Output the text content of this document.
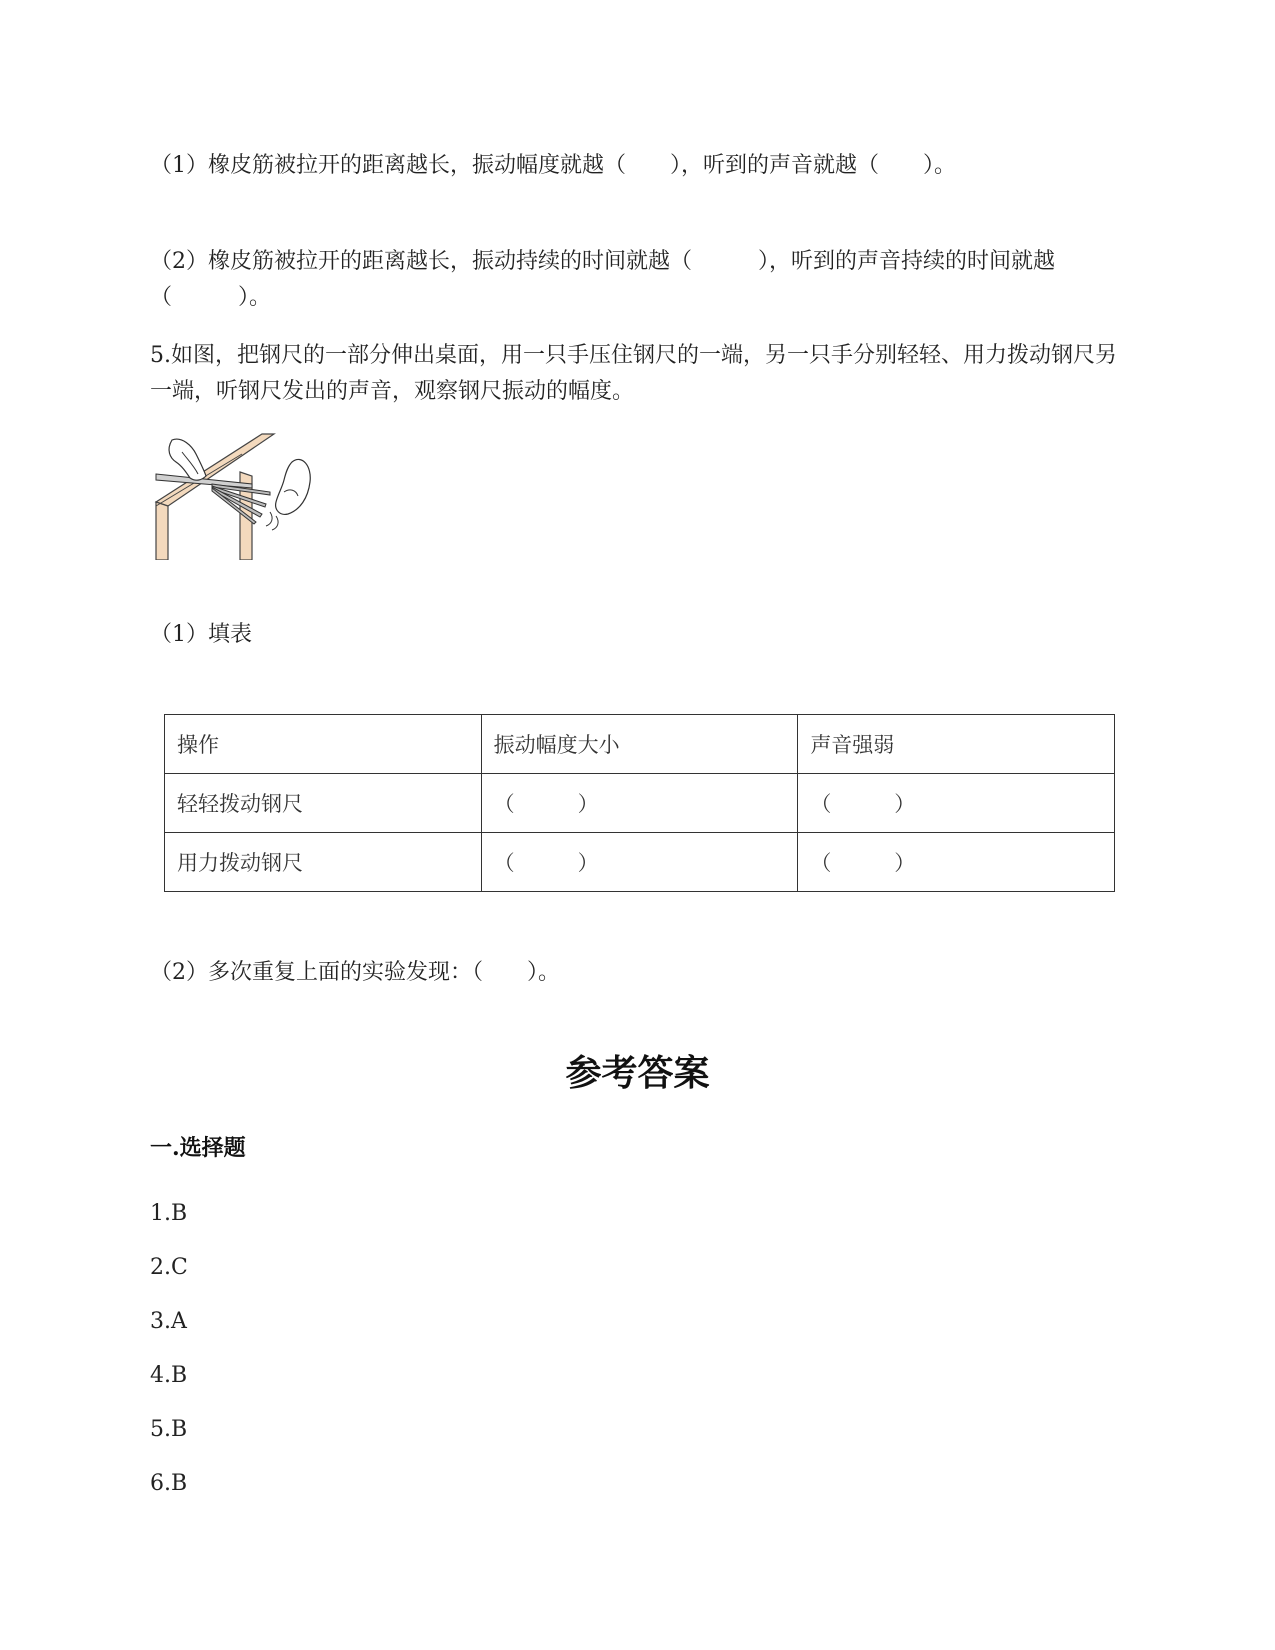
（1）橡皮筋被拉开的距离越长，振动幅度就越（　　），听到的声音就越（　　）。
（2）橡皮筋被拉开的距离越长，振动持续的时间就越（　　　），听到的声音持续的时间就越（　　　）。
5.如图，把钢尺的一部分伸出桌面，用一只手压住钢尺的一端，另一只手分别轻轻、用力拨动钢尺另一端，听钢尺发出的声音，观察钢尺振动的幅度。
（1）填表
操作	振动幅度大小	声音强弱
轻轻拨动钢尺	（　　　）	（　　　）
用力拨动钢尺	（　　　）	（　　　）
（2）多次重复上面的实验发现：（　　）。
参考答案
一.选择题
1.B
2.C
3.A
4.B
5.B
6.B
